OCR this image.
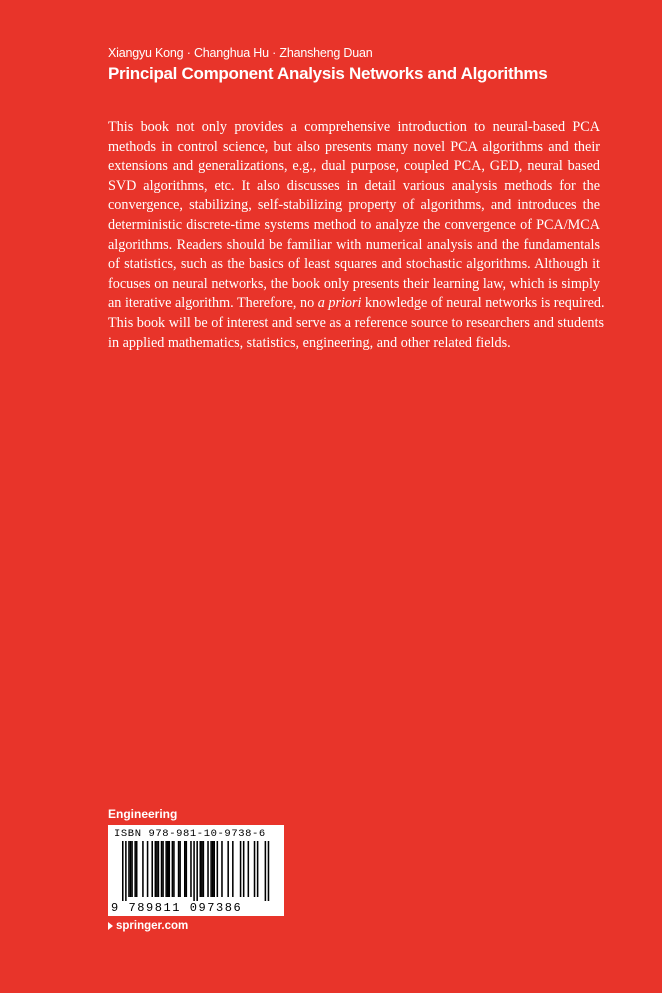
Xiangyu Kong · Changhua Hu · Zhansheng Duan
Principal Component Analysis Networks and Algorithms
This book not only provides a comprehensive introduction to neural-based PCA
methods in control science, but also presents many novel PCA algorithms and their
extensions and generalizations, e.g., dual purpose, coupled PCA, GED, neural based
SVD algorithms, etc. It also discusses in detail various analysis methods for the
convergence, stabilizing, self-stabilizing property of algorithms, and introduces the
deterministic discrete-time systems method to analyze the convergence of PCA/MCA
algorithms. Readers should be familiar with numerical analysis and the fundamentals
of statistics, such as the basics of least squares and stochastic algorithms. Although it
focuses on neural networks, the book only presents their learning law, which is simply
an iterative algorithm. Therefore, no a priori knowledge of neural networks is required.
This book will be of interest and serve as a reference source to researchers and students
in applied mathematics, statistics, engineering, and other related fields.
Engineering
ISBN 978-981-10-9738-6
9 789811 097386
springer.com
